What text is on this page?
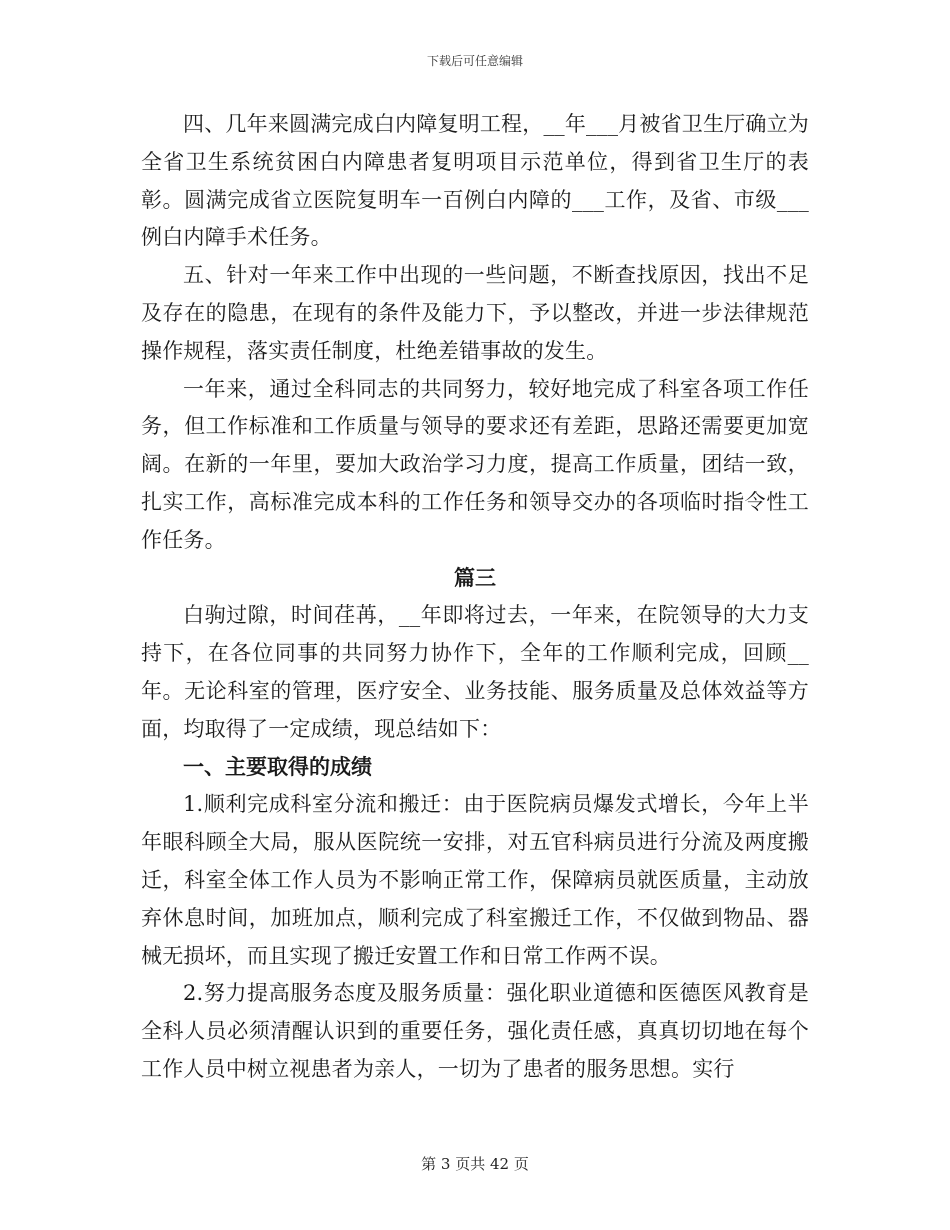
下载后可任意编辑

四、几年来圆满完成白内障复明工程，__年___月被省卫生厅确立为全省卫生系统贫困白内障患者复明项目示范单位，得到省卫生厅的表彰。圆满完成省立医院复明车一百例白内障的___工作，及省、市级___例白内障手术任务。

五、针对一年来工作中出现的一些问题，不断查找原因，找出不足及存在的隐患，在现有的条件及能力下，予以整改，并进一步法律规范操作规程，落实责任制度，杜绝差错事故的发生。

一年来，通过全科同志的共同努力，较好地完成了科室各项工作任务，但工作标准和工作质量与领导的要求还有差距，思路还需要更加宽阔。在新的一年里，要加大政治学习力度，提高工作质量，团结一致，扎实工作，高标准完成本科的工作任务和领导交办的各项临时指令性工作任务。

篇三

白驹过隙，时间荏苒，__年即将过去，一年来，在院领导的大力支持下，在各位同事的共同努力协作下，全年的工作顺利完成，回顾__年。无论科室的管理，医疗安全、业务技能、服务质量及总体效益等方面，均取得了一定成绩，现总结如下：

一、主要取得的成绩

1.顺利完成科室分流和搬迁：由于医院病员爆发式增长，今年上半年眼科顾全大局，服从医院统一安排，对五官科病员进行分流及两度搬迁，科室全体工作人员为不影响正常工作，保障病员就医质量，主动放弃休息时间，加班加点，顺利完成了科室搬迁工作，不仅做到物品、器械无损坏，而且实现了搬迁安置工作和日常工作两不误。

2.努力提高服务态度及服务质量：强化职业道德和医德医风教育是全科人员必须清醒认识到的重要任务，强化责任感，真真切切地在每个工作人员中树立视患者为亲人，一切为了患者的服务思想。实行

第 3 页共 42 页
